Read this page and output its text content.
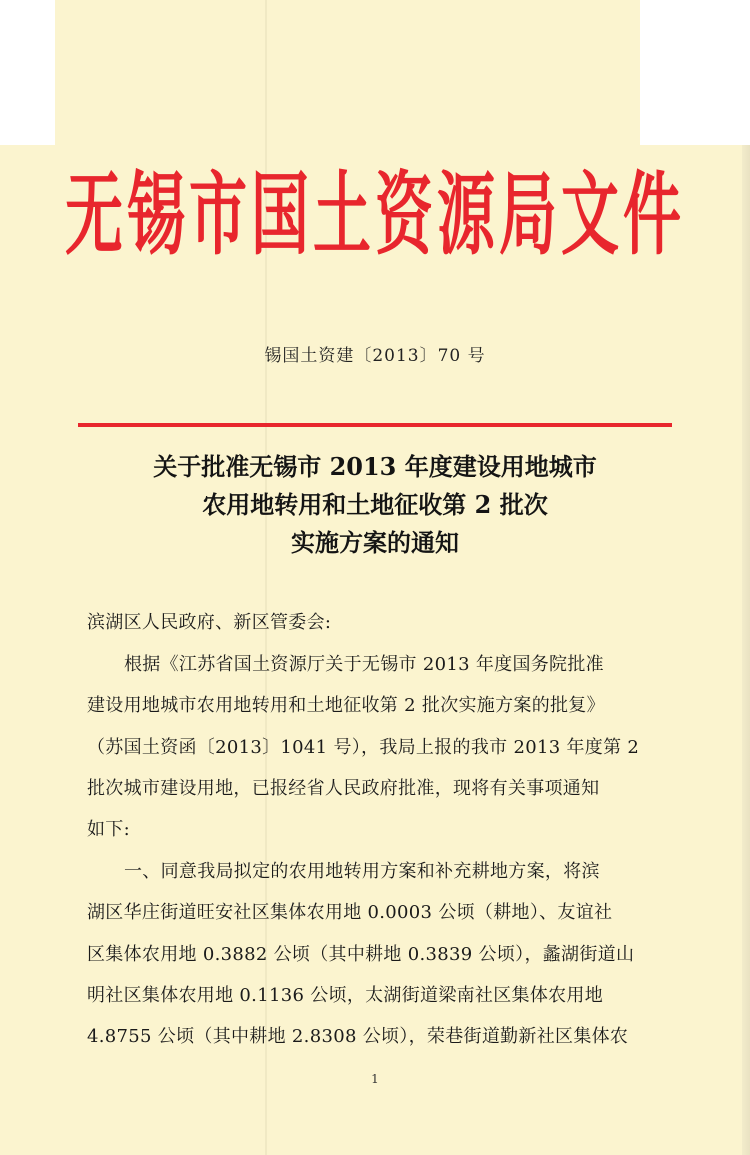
无锡市国土资源局文件
锡国土资建〔2013〕70 号
关于批准无锡市 2013 年度建设用地城市
农用地转用和土地征收第 2 批次
实施方案的通知
滨湖区人民政府、新区管委会:
根据《江苏省国土资源厅关于无锡市 2013 年度国务院批准
建设用地城市农用地转用和土地征收第 2 批次实施方案的批复》
（苏国土资函〔2013〕1041 号），我局上报的我市 2013 年度第 2
批次城市建设用地，已报经省人民政府批准，现将有关事项通知
如下:
一、同意我局拟定的农用地转用方案和补充耕地方案，将滨
湖区华庄街道旺安社区集体农用地 0.0003 公顷（耕地）、友谊社
区集体农用地 0.3882 公顷（其中耕地 0.3839 公顷），蠡湖街道山
明社区集体农用地 0.1136 公顷，太湖街道梁南社区集体农用地
4.8755 公顷（其中耕地 2.8308 公顷），荣巷街道勤新社区集体农
1
